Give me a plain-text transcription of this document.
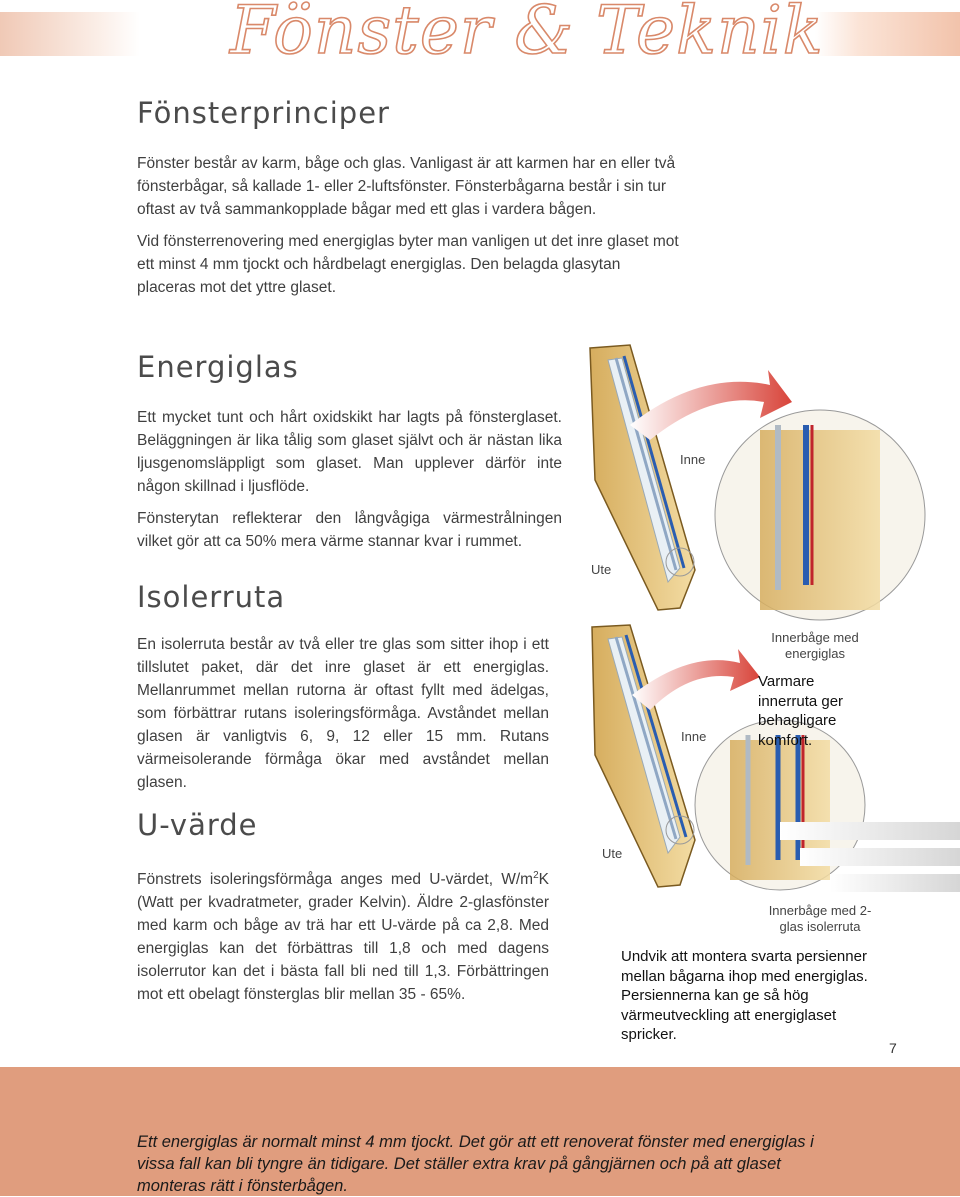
Fönster & Teknik
Fönsterprinciper

Fönster består av karm, båge och glas. Vanligast är att karmen har en eller två fönsterbågar, så kallade 1- eller 2-luftsfönster. Fönsterbågarna består i sin tur oftast av två sammankopplade bågar med ett glas i vardera bågen.

Vid fönsterrenovering med energiglas byter man vanligen ut det inre glaset mot ett minst 4 mm tjockt och hårdbelagt energiglas. Den belagda glasytan placeras mot det yttre glaset.

Energiglas

Ett mycket tunt och hårt oxidskikt har lagts på fönsterglaset. Beläggningen är lika tålig som glaset självt och är nästan lika ljusgenomsläppligt som glaset. Man upplever därför inte någon skillnad i ljusflöde.

Fönsterytan reflekterar den långvågiga värmestrålningen vilket gör att ca 50% mera värme stannar kvar i rummet.

Isolerruta

En isolerruta består av två eller tre glas som sitter ihop i ett tillslutet paket, där det inre glaset är ett energiglas. Mellanrummet mellan rutorna är oftast fyllt med ädelgas, som förbättrar rutans isoleringsförmåga. Avståndet mellan glasen är vanligtvis 6, 9, 12 eller 15 mm. Rutans värmeisolerande förmåga ökar med avståndet mellan glasen.

U-värde

Fönstrets isoleringsförmåga anges med U-värdet, $W/m^2K$ (Watt per kvadratmeter, grader Kelvin). Äldre 2-glasfönster med karm och båge av trä har ett U-värde på ca 2,8. Med energiglas kan det förbättras till 1,8 och med dagens isolerrutor kan det i bästa fall bli ned till 1,3. Förbättringen mot ett obelagt fönsterglas blir mellan 35 - 65%.

Inne
Ute
Innerbåge med energiglas
Varmare innerruta ger behagligare komfort.
Inne
Ute
Innerbåge med 2-glas isolerruta
Undvik att montera svarta persienner mellan bågarna ihop med energiglas. Persiennerna kan ge så hög värmeutveckling att energiglaset spricker.
7
Ett energiglas är normalt minst 4 mm tjockt. Det gör att ett renoverat fönster med energiglas i vissa fall kan bli tyngre än tidigare. Det ställer extra krav på gångjärnen och på att glaset monteras rätt i fönsterbågen.
